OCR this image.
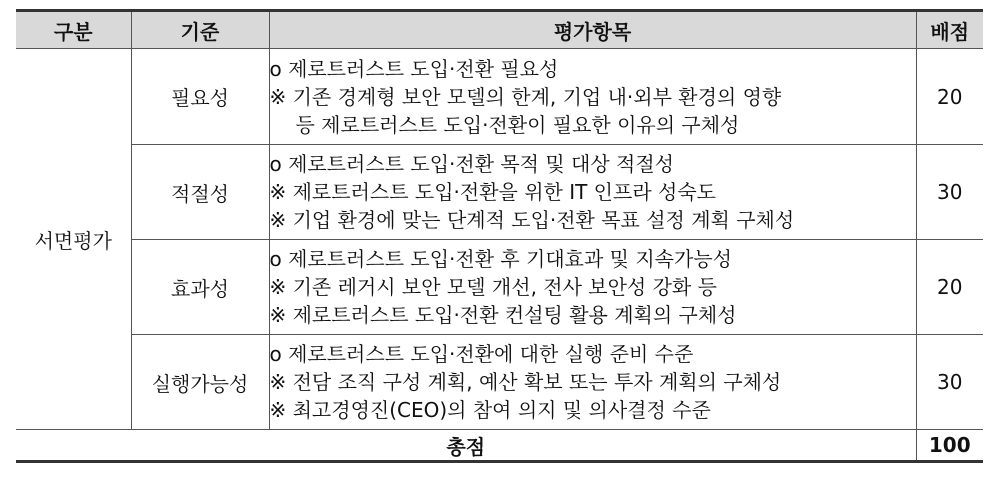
구분	기준	평가항목	배점
서면평가	필요성	o 제로트러스트 도입·전환 필요성
※ 기존 경계형 보안 모델의 한계, 기업 내·외부 환경의 영향
등 제로트러스트 도입·전환이 필요한 이유의 구체성	20
	적절성	o 제로트러스트 도입·전환 목적 및 대상 적절성
※ 제로트러스트 도입·전환을 위한 IT 인프라 성숙도
※ 기업 환경에 맞는 단계적 도입·전환 목표 설정 계획 구체성	30
	효과성	o 제로트러스트 도입·전환 후 기대효과 및 지속가능성
※ 기존 레거시 보안 모델 개선, 전사 보안성 강화 등
※ 제로트러스트 도입·전환 컨설팅 활용 계획의 구체성	20
	실행가능성	o 제로트러스트 도입·전환에 대한 실행 준비 수준
※ 전담 조직 구성 계획, 예산 확보 또는 투자 계획의 구체성
※ 최고경영진(CEO)의 참여 의지 및 의사결정 수준	30
총점			100
